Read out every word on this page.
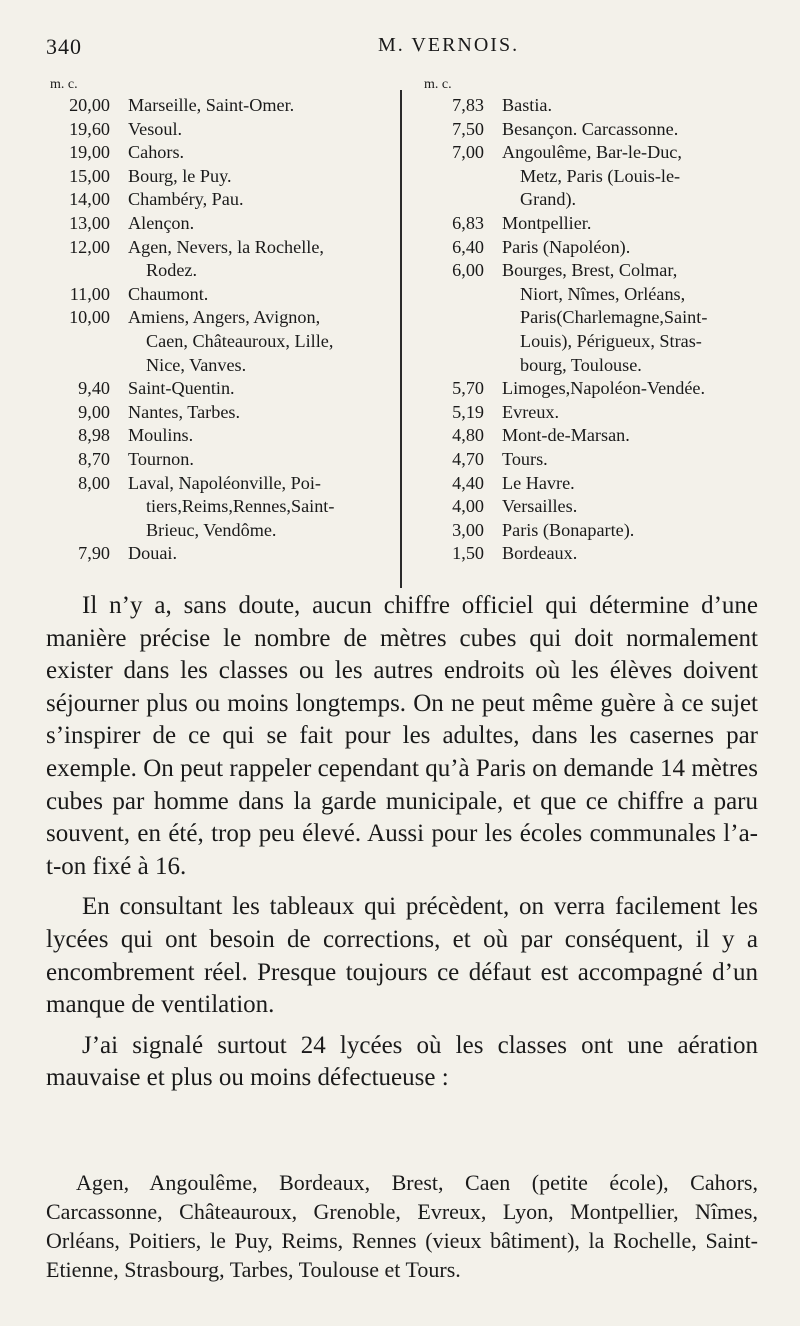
340	M. VERNOIS.
m. c.
20,00 Marseille, Saint-Omer.
19,60 Vesoul.
19,00 Cahors.
15,00 Bourg, le Puy.
14,00 Chambéry, Pau.
13,00 Alençon.
12,00 Agen, Nevers, la Rochelle,
Rodez.
11,00 Chaumont.
10,00 Amiens, Angers, Avignon,
Caen, Châteauroux, Lille,
Nice, Vanves.
9,40 Saint-Quentin.
9,00 Nantes, Tarbes.
8,98 Moulins.
8,70 Tournon.
8,00 Laval, Napoléonville, Poi-
tiers,Reims,Rennes,Saint-
Brieuc, Vendôme.
7,90 Douai.
m. c.
7,83 Bastia.
7,50 Besançon. Carcassonne.
7,00 Angoulême, Bar-le-Duc,
Metz, Paris (Louis-le-
Grand).
6,83 Montpellier.
6,40 Paris (Napoléon).
6,00 Bourges, Brest, Colmar,
Niort, Nîmes, Orléans,
Paris(Charlemagne,Saint-
Louis), Périgueux, Stras-
bourg, Toulouse.
5,70 Limoges,Napoléon-Vendée.
5,19 Evreux.
4,80 Mont-de-Marsan.
4,70 Tours.
4,40 Le Havre.
4,00 Versailles.
3,00 Paris (Bonaparte).
1,50 Bordeaux.

Il n’y a, sans doute, aucun chiffre officiel qui détermine d’une manière précise le nombre de mètres cubes qui doit normalement exister dans les classes ou les autres endroits où les élèves doivent séjourner plus ou moins longtemps. On ne peut même guère à ce sujet s’inspirer de ce qui se fait pour les adultes, dans les casernes par exemple. On peut rappeler cependant qu’à Paris on demande 14 mètres cubes par homme dans la garde municipale, et que ce chiffre a paru souvent, en été, trop peu élevé. Aussi pour les écoles communales l’a-t-on fixé à 16.

En consultant les tableaux qui précèdent, on verra facilement les lycées qui ont besoin de corrections, et où par conséquent, il y a encombrement réel. Presque toujours ce défaut est accompagné d’un manque de ventilation.

J’ai signalé surtout 24 lycées où les classes ont une aération mauvaise et plus ou moins défectueuse :

Agen, Angoulême, Bordeaux, Brest, Caen (petite école), Cahors, Carcassonne, Châteauroux, Grenoble, Evreux, Lyon, Montpellier, Nîmes, Orléans, Poitiers, le Puy, Reims, Rennes (vieux bâtiment), la Rochelle, Saint-Etienne, Strasbourg, Tarbes, Toulouse et Tours.
